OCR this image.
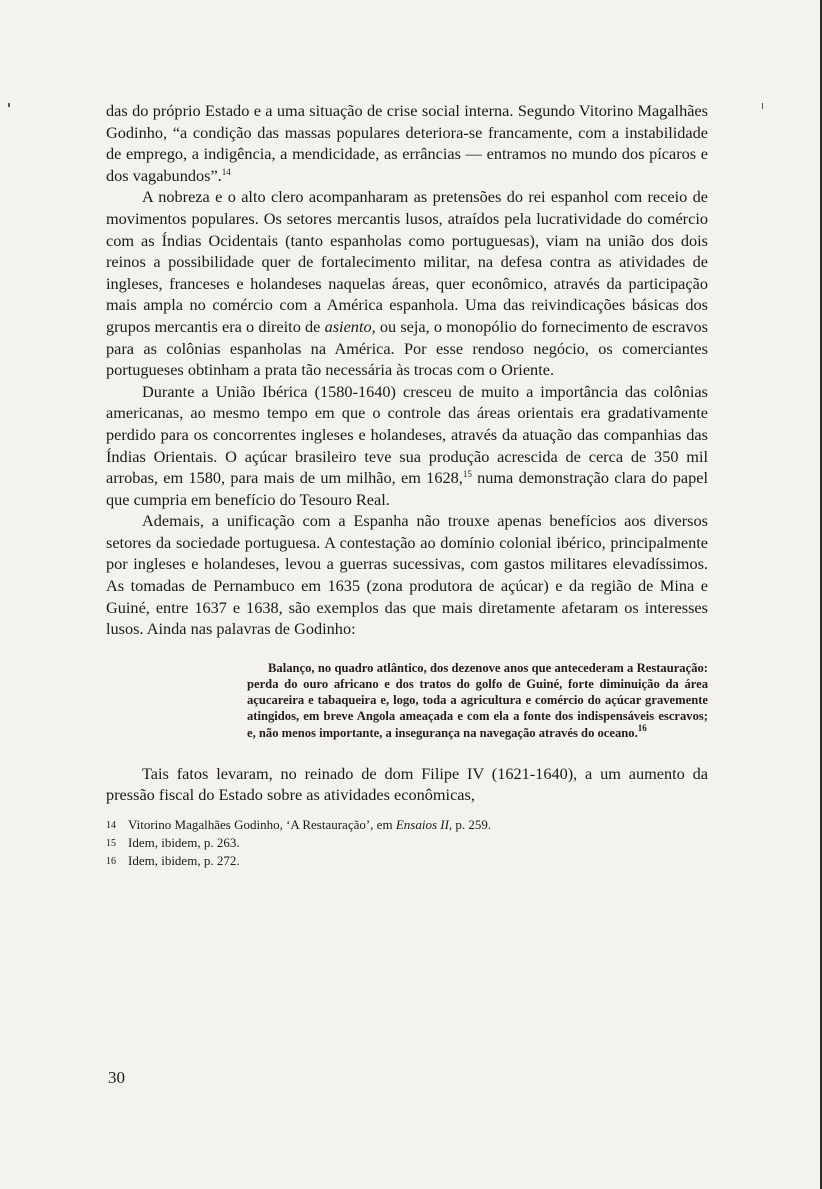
das do próprio Estado e a uma situação de crise social interna. Segundo Vitorino Magalhães Godinho, “a condição das massas populares deteriora-se francamente, com a instabilidade de emprego, a indigência, a mendicidade, as errâncias — entramos no mundo dos pícaros e dos vagabundos”.$^{14}$

A nobreza e o alto clero acompanharam as pretensões do rei espanhol com receio de movimentos populares. Os setores mercantis lusos, atraídos pela lucratividade do comércio com as Índias Ocidentais (tanto espanholas como portuguesas), viam na união dos dois reinos a possibilidade quer de fortalecimento militar, na defesa contra as atividades de ingleses, franceses e holandeses naquelas áreas, quer econômico, através da participação mais ampla no comércio com a América espanhola. Uma das reivindicações básicas dos grupos mercantis era o direito de asiento, ou seja, o monopólio do fornecimento de escravos para as colônias espanholas na América. Por esse rendoso negócio, os comerciantes portugueses obtinham a prata tão necessária às trocas com o Oriente.

Durante a União Ibérica (1580-1640) cresceu de muito a importância das colônias americanas, ao mesmo tempo em que o controle das áreas orientais era gradativamente perdido para os concorrentes ingleses e holandeses, através da atuação das companhias das Índias Orientais. O açúcar brasileiro teve sua produção acrescida de cerca de 350 mil arrobas, em 1580, para mais de um milhão, em 1628,15 numa demonstração clara do papel que cumpria em benefício do Tesouro Real.

Ademais, a unificação com a Espanha não trouxe apenas benefícios aos diversos setores da sociedade portuguesa. A contestação ao domínio colonial ibérico, principalmente por ingleses e holandeses, levou a guerras sucessivas, com gastos militares elevadíssimos. As tomadas de Pernambuco em 1635 (zona produtora de açúcar) e da região de Mina e Guiné, entre 1637 e 1638, são exemplos das que mais diretamente afetaram os interesses lusos. Ainda nas palavras de Godinho:

Balanço, no quadro atlântico, dos dezenove anos que antecederam a Restauração: perda do ouro africano e dos tratos do golfo de Guiné, forte diminuição da área açucareira e tabaqueira e, logo, toda a agricultura e comércio do açúcar gravemente atingidos, em breve Angola ameaçada e com ela a fonte dos indispensáveis escravos; e, não menos importante, a insegurança na navegação através do oceano.$^{16}$

Tais fatos levaram, no reinado de dom Filipe IV (1621-1640), a um aumento da pressão fiscal do Estado sobre as atividades econômicas,

14 Vitorino Magalhães Godinho, ‘A Restauração’, em Ensaios II, p. 259.

15 Idem, ibidem, p. 263.

16 Idem, ibidem, p. 272.

30
